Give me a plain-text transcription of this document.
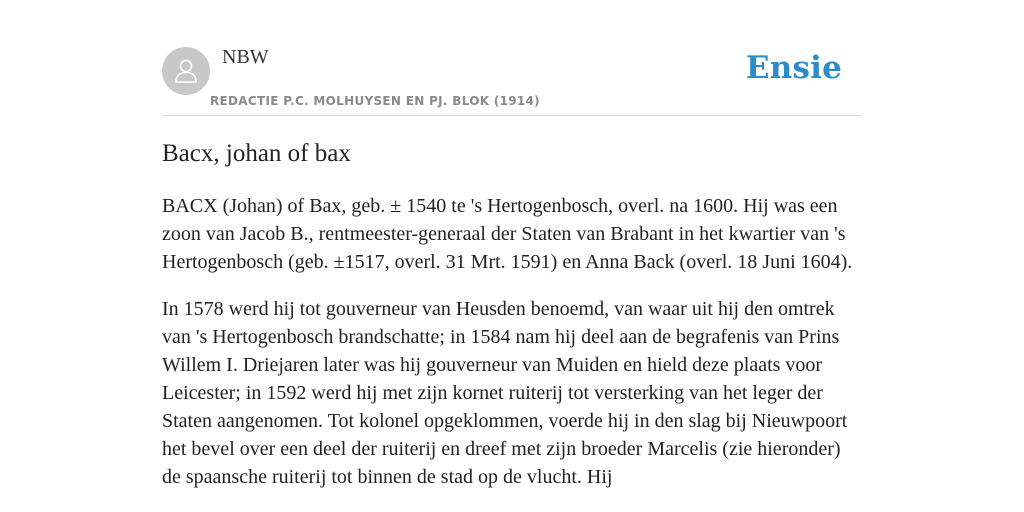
NBW
REDACTIE P.C. MOLHUYSEN EN PJ. BLOK (1914)
Ensie
Bacx, johan of bax

BACX (Johan) of Bax, geb. ± 1540 te 's Hertogenbosch, overl. na 1600. Hij was een zoon van Jacob B., rentmeester-generaal der Staten van Brabant in het kwartier van 's Hertogenbosch (geb. ±1517, overl. 31 Mrt. 1591) en Anna Back (overl. 18 Juni 1604).

In 1578 werd hij tot gouverneur van Heusden benoemd, van waar uit hij den omtrek van 's Hertogenbosch brandschatte; in 1584 nam hij deel aan de begrafenis van Prins Willem I. Driejaren later was hij gouverneur van Muiden en hield deze plaats voor Leicester; in 1592 werd hij met zijn kornet ruiterij tot versterking van het leger der Staten aangenomen. Tot kolonel opgeklommen, voerde hij in den slag bij Nieuwpoort het bevel over een deel der ruiterij en dreef met zijn broeder Marcelis (zie hieronder) de spaansche ruiterij tot binnen de stad op de vlucht. Hij
